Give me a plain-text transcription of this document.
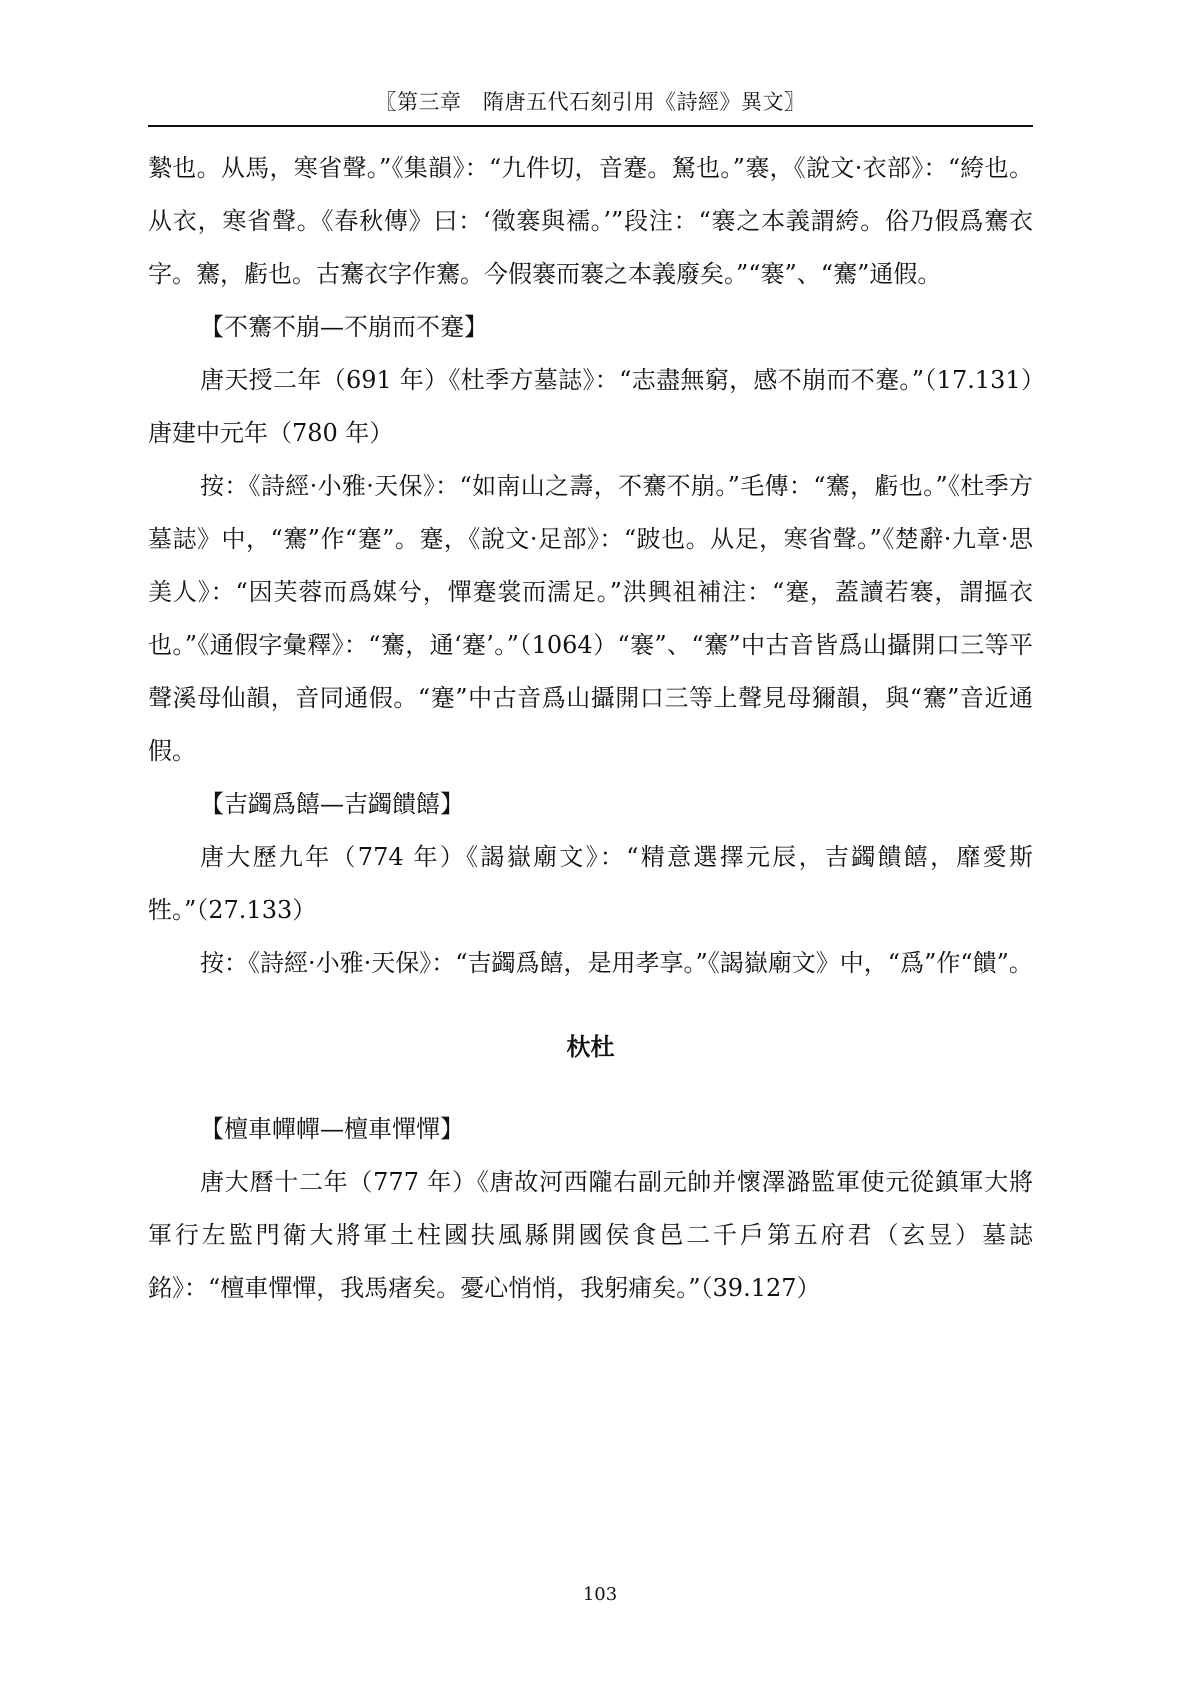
〖第三章　隋唐五代石刻引用《詩經》異文〗

縶也。从馬，寒省聲。”《集韻》：“九件切，音蹇。駑也。”褰，《說文·衣部》：“絝也。从衣，寒省聲。《春秋傳》曰：‘徵褰與襦。’”段注：“褰之本義謂絝。俗乃假爲騫衣字。騫，虧也。古騫衣字作騫。今假褰而褰之本義廢矣。”“褰”、“騫”通假。

【不騫不崩—不崩而不蹇】

唐天授二年（691 年）《杜季方墓誌》：“志盡無窮，感不崩而不蹇。”（17.131）唐建中元年（780 年）

按：《詩經·小雅·天保》：“如南山之壽，不騫不崩。”毛傳：“騫，虧也。”《杜季方墓誌》中，“騫”作“蹇”。蹇，《說文·足部》：“跛也。从足，寒省聲。”《楚辭·九章·思美人》：“因芙蓉而爲媒兮，憚蹇裳而濡足。”洪興祖補注：“蹇，蓋讀若褰，謂摳衣也。”《通假字彙釋》：“騫，通‘蹇’。”（1064）“褰”、“騫”中古音皆爲山攝開口三等平聲溪母仙韻，音同通假。“蹇”中古音爲山攝開口三等上聲見母獮韻，與“騫”音近通假。

【吉蠲爲饎—吉蠲饋饎】

唐大歷九年（774 年）《謁嶽廟文》：“精意選擇元辰，吉蠲饋饎，靡愛斯牲。”（27.133）

按：《詩經·小雅·天保》：“吉蠲爲饎，是用孝享。”《謁嶽廟文》中，“爲”作“饋”。

杕杜

【檀車幝幝—檀車憚憚】

唐大曆十二年（777 年）《唐故河西隴右副元帥并懷澤潞監軍使元從鎮軍大將軍行左監門衛大將軍土柱國扶風縣開國侯食邑二千戶第五府君（玄昱）墓誌銘》：“檀車憚憚，我馬瘏矣。憂心悄悄，我躬痡矣。”（39.127）

103
